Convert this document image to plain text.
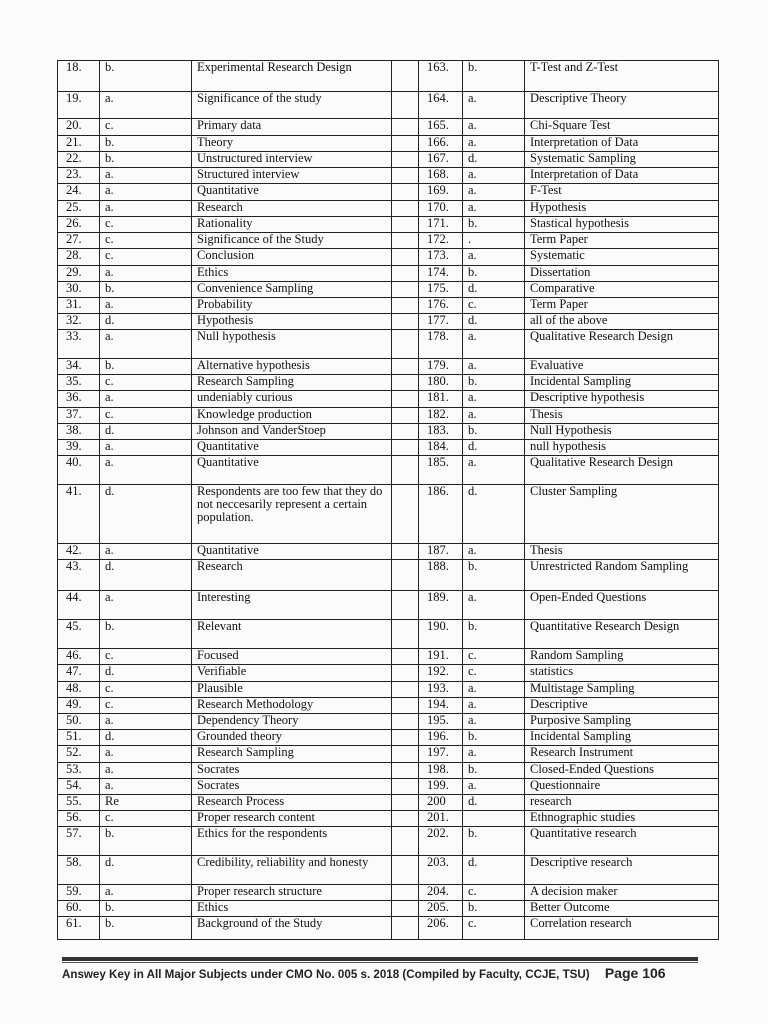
18.	b.	Experimental Research Design		163.	b.	T-Test and Z-Test
19.	a.	Significance of the study		164.	a.	Descriptive Theory
20.	c.	Primary data		165.	a.	Chi-Square Test
21.	b.	Theory		166.	a.	Interpretation of Data
22.	b.	Unstructured interview		167.	d.	Systematic Sampling
23.	a.	Structured interview		168.	a.	Interpretation of Data
24.	a.	Quantitative		169.	a.	F-Test
25.	a.	Research		170.	a.	Hypothesis
26.	c.	Rationality		171.	b.	Stastical hypothesis
27.	c.	Significance of the Study		172.	.	Term Paper
28.	c.	Conclusion		173.	a.	Systematic
29.	a.	Ethics		174.	b.	Dissertation
30.	b.	Convenience Sampling		175.	d.	Comparative
31.	a.	Probability		176.	c.	Term Paper
32.	d.	Hypothesis		177.	d.	all of the above
33.	a.	Null hypothesis		178.	a.	Qualitative Research Design
34.	b.	Alternative hypothesis		179.	a.	Evaluative
35.	c.	Research Sampling		180.	b.	Incidental Sampling
36.	a.	undeniably curious		181.	a.	Descriptive hypothesis
37.	c.	Knowledge production		182.	a.	Thesis
38.	d.	Johnson and VanderStoep		183.	b.	Null Hypothesis
39.	a.	Quantitative		184.	d.	null hypothesis
40.	a.	Quantitative		185.	a.	Qualitative Research Design
41.	d.	Respondents are too few that they do not neccesarily represent a certain population.		186.	d.	Cluster Sampling
42.	a.	Quantitative		187.	a.	Thesis
43.	d.	Research		188.	b.	Unrestricted Random Sampling
44.	a.	Interesting		189.	a.	Open-Ended Questions
45.	b.	Relevant		190.	b.	Quantitative Research Design
46.	c.	Focused		191.	c.	Random Sampling
47.	d.	Verifiable		192.	c.	statistics
48.	c.	Plausible		193.	a.	Multistage Sampling
49.	c.	Research Methodology		194.	a.	Descriptive
50.	a.	Dependency Theory		195.	a.	Purposive Sampling
51.	d.	Grounded theory		196.	b.	Incidental Sampling
52.	a.	Research Sampling		197.	a.	Research Instrument
53.	a.	Socrates		198.	b.	Closed-Ended Questions
54.	a.	Socrates		199.	a.	Questionnaire
55.	Re	Research Process		200	d.	research
56.	c.	Proper research content		201.		Ethnographic studies
57.	b.	Ethics for the respondents		202.	b.	Quantitative research
58.	d.	Credibility, reliability and honesty		203.	d.	Descriptive research
59.	a.	Proper research structure		204.	c.	A decision maker
60.	b.	Ethics		205.	b.	Better Outcome
61.	b.	Background of the Study		206.	c.	Correlation research
Answey Key in All Major Subjects under CMO No. 005 s. 2018 (Compiled by Faculty, CCJE, TSU) Page 106
